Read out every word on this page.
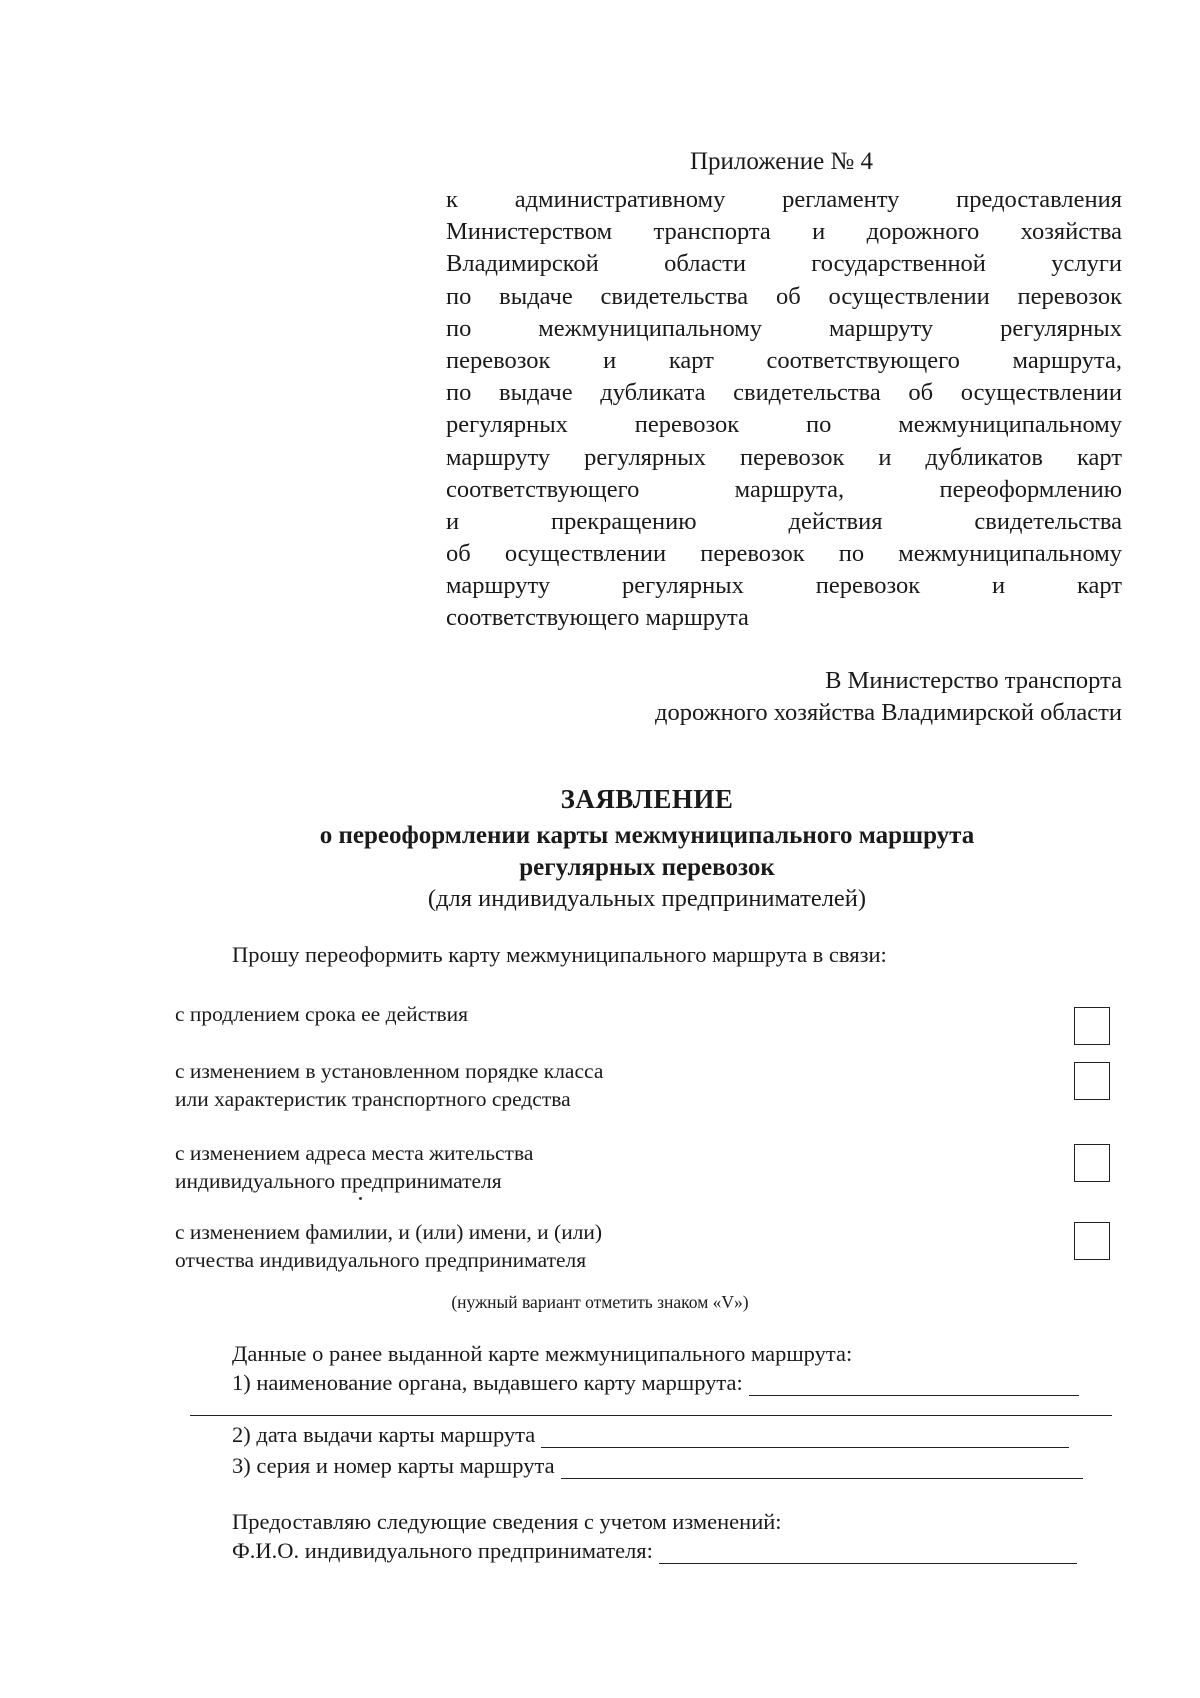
Приложение № 4
к административному регламенту предоставления
Министерством транспорта и дорожного хозяйства
Владимирской области государственной услуги
по выдаче свидетельства об осуществлении перевозок
по межмуниципальному маршруту регулярных
перевозок и карт соответствующего маршрута,
по выдаче дубликата свидетельства об осуществлении
регулярных перевозок по межмуниципальному
маршруту регулярных перевозок и дубликатов карт
соответствующего маршрута, переоформлению
и прекращению действия свидетельства
об осуществлении перевозок по межмуниципальному
маршруту регулярных перевозок и карт
соответствующего маршрута
В Министерство транспорта
дорожного хозяйства Владимирской области
ЗАЯВЛЕНИЕ
о переоформлении карты межмуниципального маршрута
регулярных перевозок
(для индивидуальных предпринимателей)
Прошу переоформить карту межмуниципального маршрута в связи:
с продлением срока ее действия
с изменением в установленном порядке класса
или характеристик транспортного средства
с изменением адреса места жительства
индивидуального предпринимателя
с изменением фамилии, и (или) имени, и (или)
отчества индивидуального предпринимателя
(нужный вариант отметить знаком «V»)
Данные о ранее выданной карте межмуниципального маршрута:
1) наименование органа, выдавшего карту маршрута:
2) дата выдачи карты маршрута
3) серия и номер карты маршрута
Предоставляю следующие сведения с учетом изменений:
Ф.И.О. индивидуального предпринимателя:
